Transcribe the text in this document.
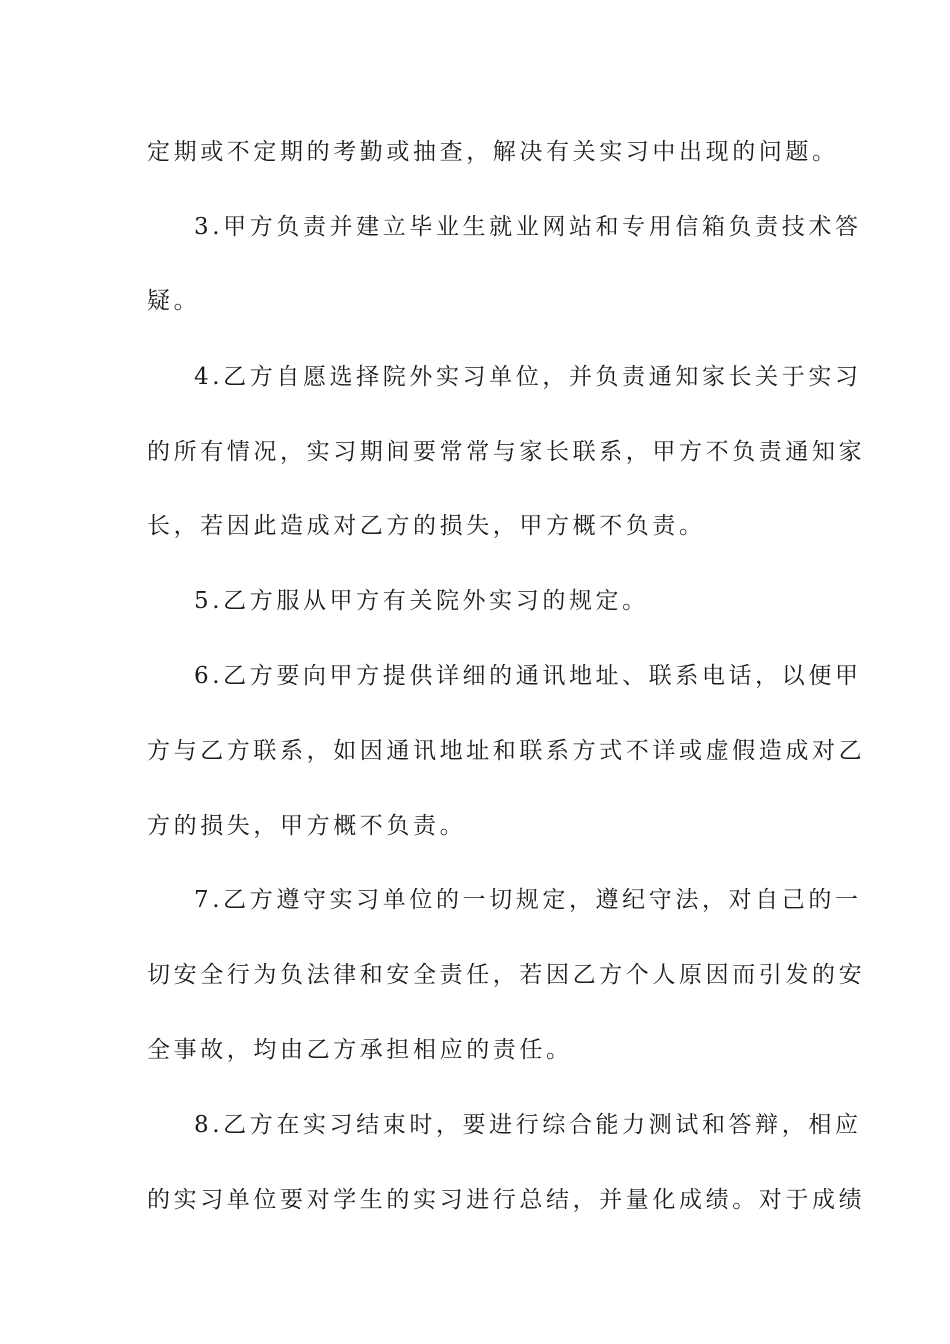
定期或不定期的考勤或抽查，解决有关实习中出现的问题。
3.甲方负责并建立毕业生就业网站和专用信箱负责技术答
疑。
4.乙方自愿选择院外实习单位，并负责通知家长关于实习
的所有情况，实习期间要常常与家长联系，甲方不负责通知家
长，若因此造成对乙方的损失，甲方概不负责。
5.乙方服从甲方有关院外实习的规定。
6.乙方要向甲方提供详细的通讯地址、联系电话，以便甲
方与乙方联系，如因通讯地址和联系方式不详或虚假造成对乙
方的损失，甲方概不负责。
7.乙方遵守实习单位的一切规定，遵纪守法，对自己的一
切安全行为负法律和安全责任，若因乙方个人原因而引发的安
全事故，均由乙方承担相应的责任。
8.乙方在实习结束时，要进行综合能力测试和答辩，相应
的实习单位要对学生的实习进行总结，并量化成绩。对于成绩
